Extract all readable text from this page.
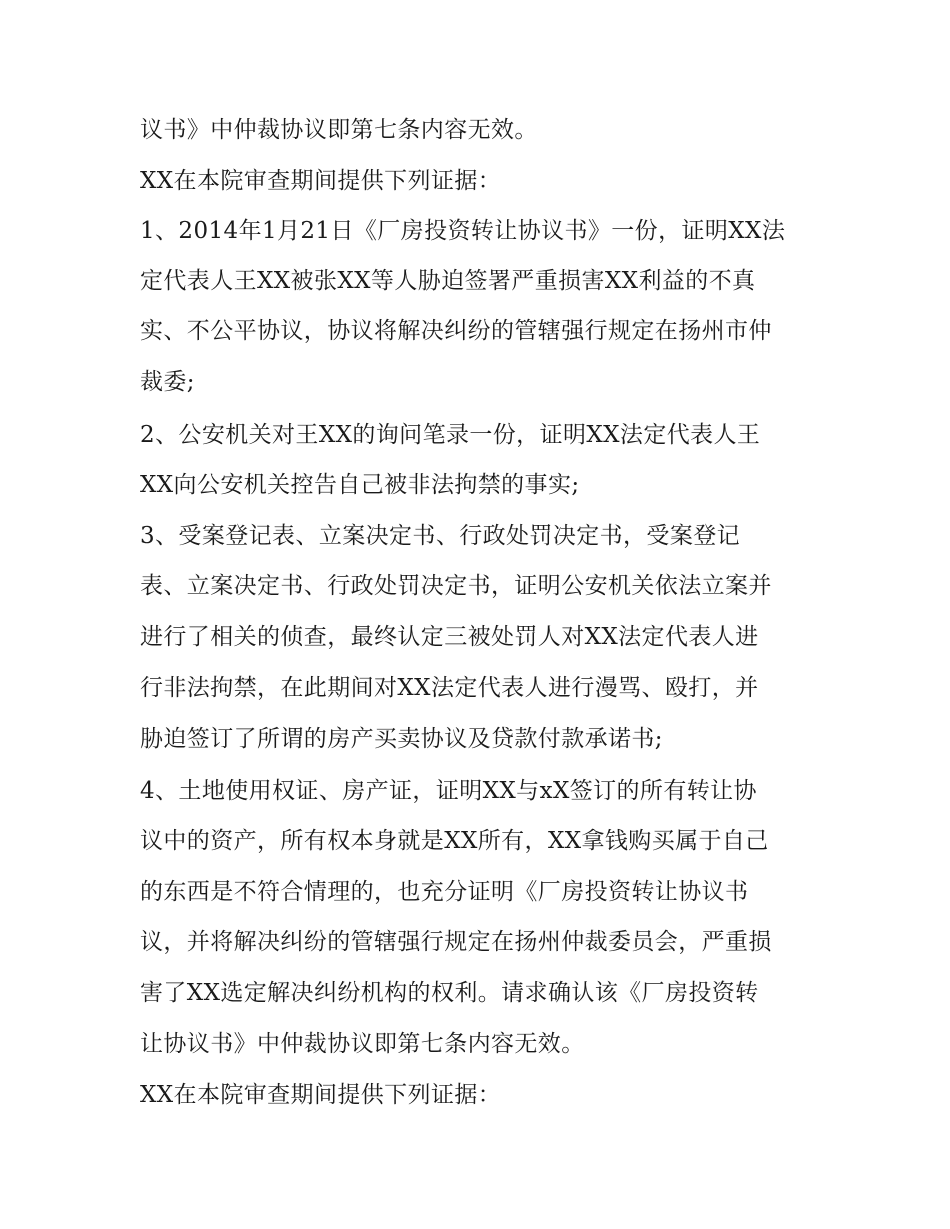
议书》中仲裁协议即第七条内容无效。
XX在本院审查期间提供下列证据：
1、2014年1月21日《厂房投资转让协议书》一份，证明XX法
定代表人王XX被张XX等人胁迫签署严重损害XX利益的不真
实、不公平协议，协议将解决纠纷的管辖强行规定在扬州市仲
裁委;
2、公安机关对王XX的询问笔录一份，证明XX法定代表人王
XX向公安机关控告自己被非法拘禁的事实;
3、受案登记表、立案决定书、行政处罚决定书，受案登记
表、立案决定书、行政处罚决定书，证明公安机关依法立案并
进行了相关的侦查，最终认定三被处罚人对XX法定代表人进
行非法拘禁，在此期间对XX法定代表人进行漫骂、殴打，并
胁迫签订了所谓的房产买卖协议及贷款付款承诺书;
4、土地使用权证、房产证，证明XX与xX签订的所有转让协
议中的资产，所有权本身就是XX所有，XX拿钱购买属于自己
的东西是不符合情理的，也充分证明《厂房投资转让协议书
议，并将解决纠纷的管辖强行规定在扬州仲裁委员会，严重损
害了XX选定解决纠纷机构的权利。请求确认该《厂房投资转
让协议书》中仲裁协议即第七条内容无效。
XX在本院审查期间提供下列证据：
